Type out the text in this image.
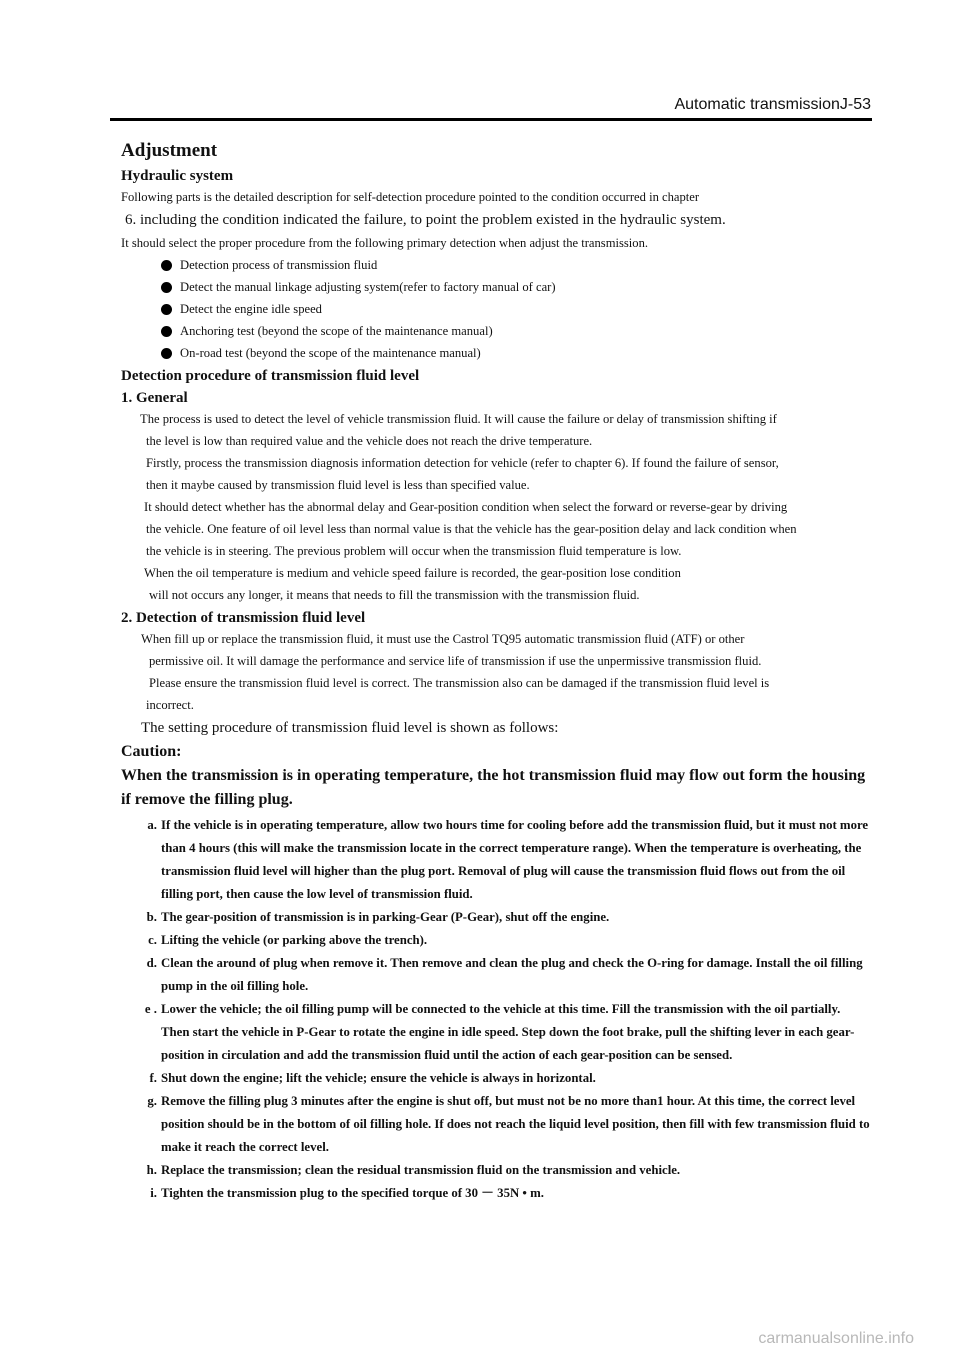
Automatic transmissionJ-53
Adjustment
Hydraulic system
Following parts is the detailed description for self-detection procedure pointed to the condition occurred in chapter
6. including the condition indicated the failure, to point the problem existed in the hydraulic system.
It should select the proper procedure from the following primary detection when adjust the transmission.
Detection process of transmission fluid
Detect the manual linkage adjusting system(refer to factory manual of car)
Detect the engine idle speed
Anchoring test (beyond the scope of the maintenance manual)
On-road test (beyond the scope of the maintenance manual)
Detection procedure of transmission fluid level
1. General
The process is used to detect the level of vehicle transmission fluid. It will cause the failure or delay of transmission shifting if
the level is low than required value and the vehicle does not reach the drive temperature.
Firstly, process the transmission diagnosis information detection for vehicle (refer to chapter 6). If found the failure of sensor,
then it maybe caused by transmission fluid level is less than specified value.
It should detect whether has the abnormal delay and Gear-position condition when select the forward or reverse-gear by driving
the vehicle. One feature of oil level less than normal value is that the vehicle has the gear-position delay and lack condition when
the vehicle is in steering. The previous problem will occur when the transmission fluid temperature is low.
When the oil temperature is medium and vehicle speed failure is recorded, the gear-position lose condition
will not occurs any longer, it means that needs to fill the transmission with the transmission fluid.
2. Detection of transmission fluid level
When fill up or replace the transmission fluid, it must use the Castrol TQ95 automatic transmission fluid (ATF) or other
permissive oil. It will damage the performance and service life of transmission if use the unpermissive transmission fluid.
Please ensure the transmission fluid level is correct. The transmission also can be damaged if the transmission fluid level is
incorrect.
The setting procedure of transmission fluid level is shown as follows:
Caution:
When the transmission is in operating temperature, the hot transmission fluid may flow out form the housing if remove the filling plug.
a. If the vehicle is in operating temperature, allow two hours time for cooling before add the transmission fluid, but it must not more than 4 hours (this will make the transmission locate in the correct temperature range). When the temperature is overheating, the transmission fluid level will higher than the plug port. Removal of plug will cause the transmission fluid flows out from the oil filling port, then cause the low level of transmission fluid.
b. The gear-position of transmission is in parking-Gear (P-Gear), shut off the engine.
c. Lifting the vehicle (or parking above the trench).
d. Clean the around of plug when remove it. Then remove and clean the plug and check the O-ring for damage. Install the oil filling pump in the oil filling hole.
e . Lower the vehicle; the oil filling pump will be connected to the vehicle at this time. Fill the transmission with the oil partially. Then start the vehicle in P-Gear to rotate the engine in idle speed. Step down the foot brake, pull the shifting lever in each gear-position in circulation and add the transmission fluid until the action of each gear-position can be sensed.
f. Shut down the engine; lift the vehicle; ensure the vehicle is always in horizontal.
g. Remove the filling plug 3 minutes after the engine is shut off, but must not be no more than1 hour. At this time, the correct level position should be in the bottom of oil filling hole. If does not reach the liquid level position, then fill with few transmission fluid to make it reach the correct level.
h. Replace the transmission; clean the residual transmission fluid on the transmission and vehicle.
i. Tighten the transmission plug to the specified torque of 30 － 35N • m.
carmanualsonline.info
